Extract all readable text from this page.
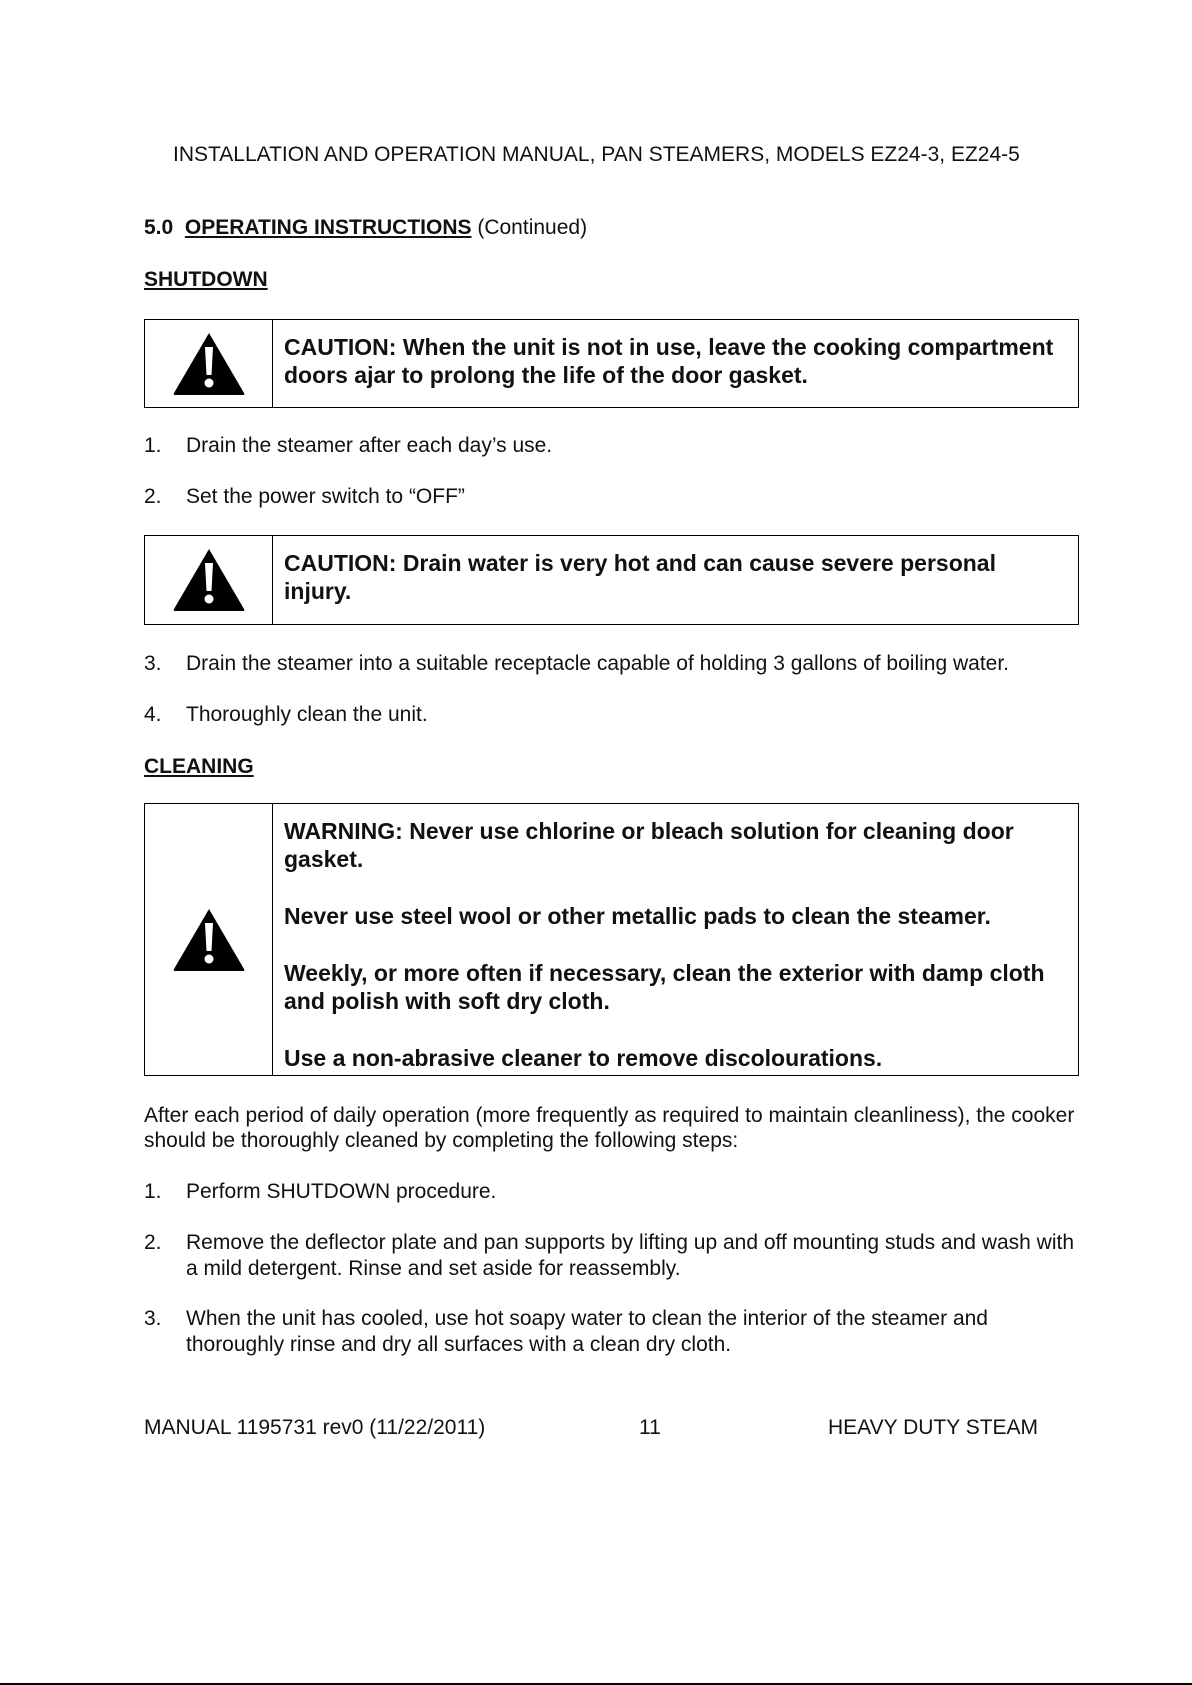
INSTALLATION AND OPERATION MANUAL, PAN STEAMERS, MODELS EZ24-3, EZ24-5
5.0 OPERATING INSTRUCTIONS (Continued)
SHUTDOWN

CAUTION: When the unit is not in use, leave the cooking compartment doors ajar to prolong the life of the door gasket.

1. Drain the steamer after each day’s use.
2. Set the power switch to “OFF”

CAUTION: Drain water is very hot and can cause severe personal injury.

3. Drain the steamer into a suitable receptacle capable of holding 3 gallons of boiling water.
4. Thoroughly clean the unit.
CLEANING

WARNING: Never use chlorine or bleach solution for cleaning door gasket.

Never use steel wool or other metallic pads to clean the steamer.

Weekly, or more often if necessary, clean the exterior with damp cloth and polish with soft dry cloth.

Use a non-abrasive cleaner to remove discolourations.

After each period of daily operation (more frequently as required to maintain cleanliness), the cooker should be thoroughly cleaned by completing the following steps:
1. Perform SHUTDOWN procedure.
2. Remove the deflector plate and pan supports by lifting up and off mounting studs and wash with a mild detergent. Rinse and set aside for reassembly.
3. When the unit has cooled, use hot soapy water to clean the interior of the steamer and thoroughly rinse and dry all surfaces with a clean dry cloth.
MANUAL 1195731 rev0 (11/22/2011)	11	HEAVY DUTY STEAM
